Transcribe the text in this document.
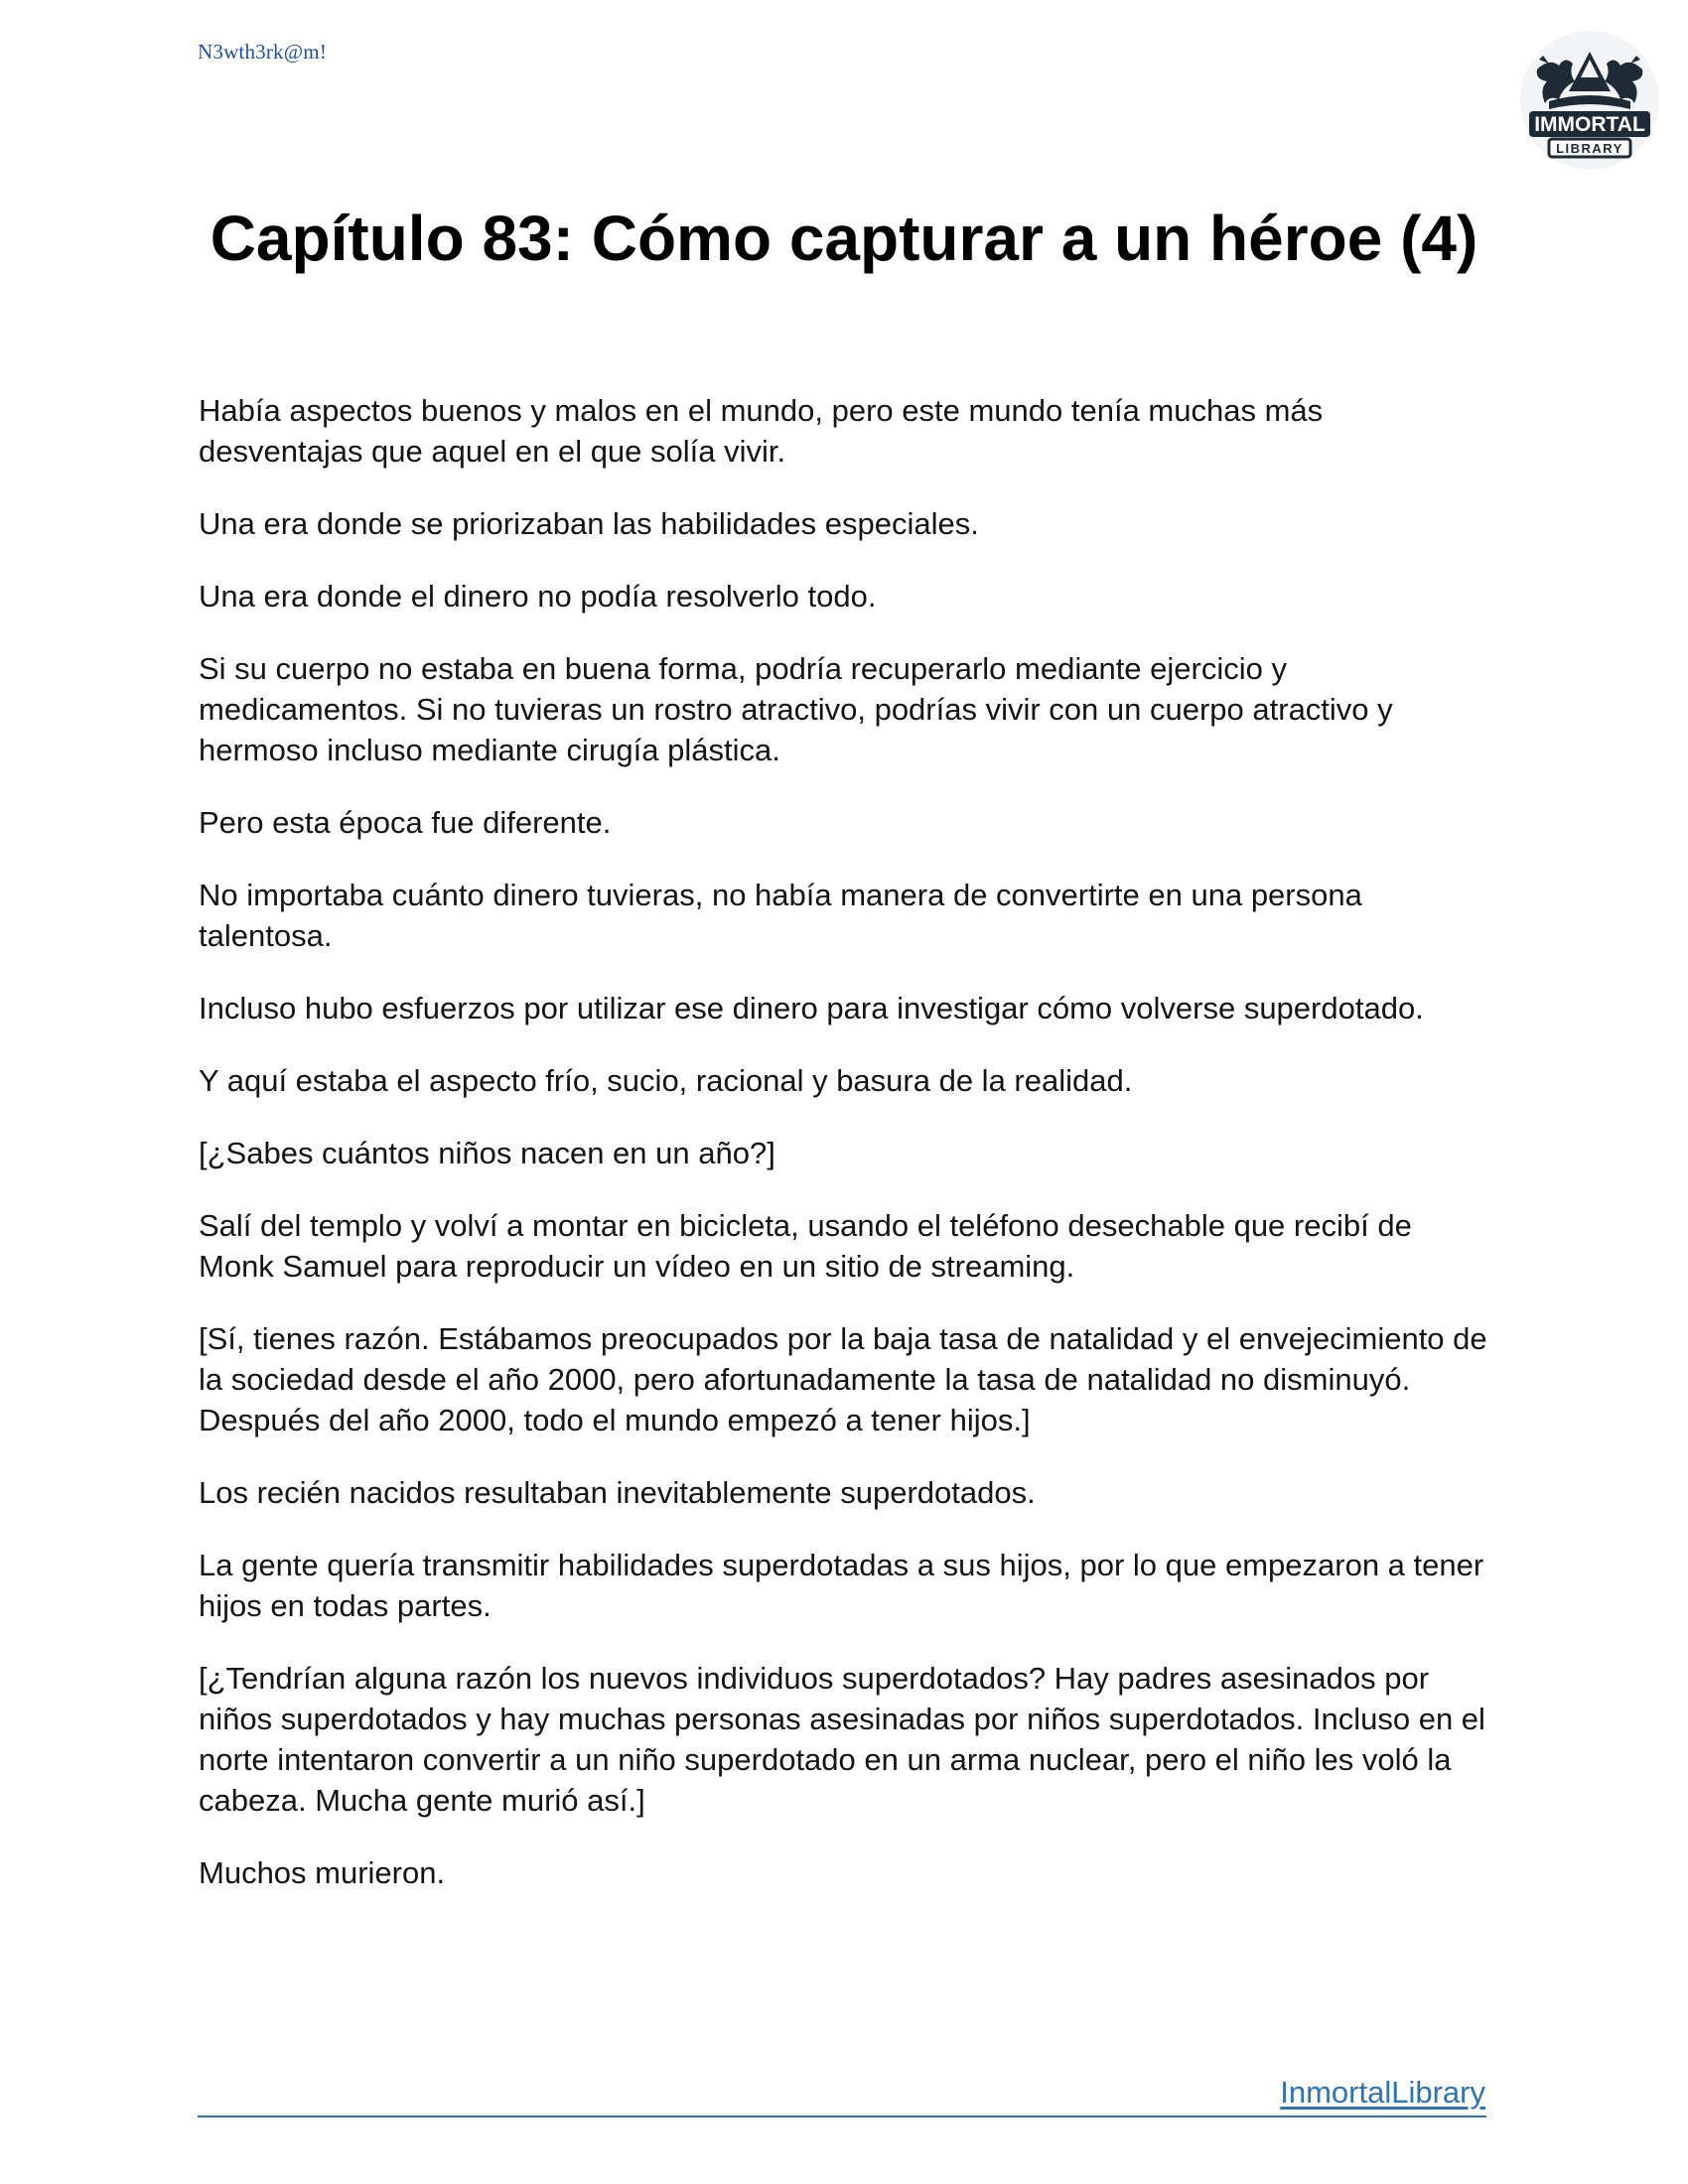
N3wth3rk@m!
IMMORTAL
LIBRARY
Capítulo 83: Cómo capturar a un héroe (4)

Había aspectos buenos y malos en el mundo, pero este mundo tenía muchas más desventajas que aquel en el que solía vivir.

Una era donde se priorizaban las habilidades especiales.

Una era donde el dinero no podía resolverlo todo.

Si su cuerpo no estaba en buena forma, podría recuperarlo mediante ejercicio y medicamentos. Si no tuvieras un rostro atractivo, podrías vivir con un cuerpo atractivo y hermoso incluso mediante cirugía plástica.

Pero esta época fue diferente.

No importaba cuánto dinero tuvieras, no había manera de convertirte en una persona talentosa.

Incluso hubo esfuerzos por utilizar ese dinero para investigar cómo volverse superdotado.

Y aquí estaba el aspecto frío, sucio, racional y basura de la realidad.

[¿Sabes cuántos niños nacen en un año?]

Salí del templo y volví a montar en bicicleta, usando el teléfono desechable que recibí de Monk Samuel para reproducir un vídeo en un sitio de streaming.

[Sí, tienes razón. Estábamos preocupados por la baja tasa de natalidad y el envejecimiento de la sociedad desde el año 2000, pero afortunadamente la tasa de natalidad no disminuyó. Después del año 2000, todo el mundo empezó a tener hijos.]

Los recién nacidos resultaban inevitablemente superdotados.

La gente quería transmitir habilidades superdotadas a sus hijos, por lo que empezaron a tener hijos en todas partes.

[¿Tendrían alguna razón los nuevos individuos superdotados? Hay padres asesinados por niños superdotados y hay muchas personas asesinadas por niños superdotados. Incluso en el norte intentaron convertir a un niño superdotado en un arma nuclear, pero el niño les voló la cabeza. Mucha gente murió así.]

Muchos murieron.

InmortalLibrary
